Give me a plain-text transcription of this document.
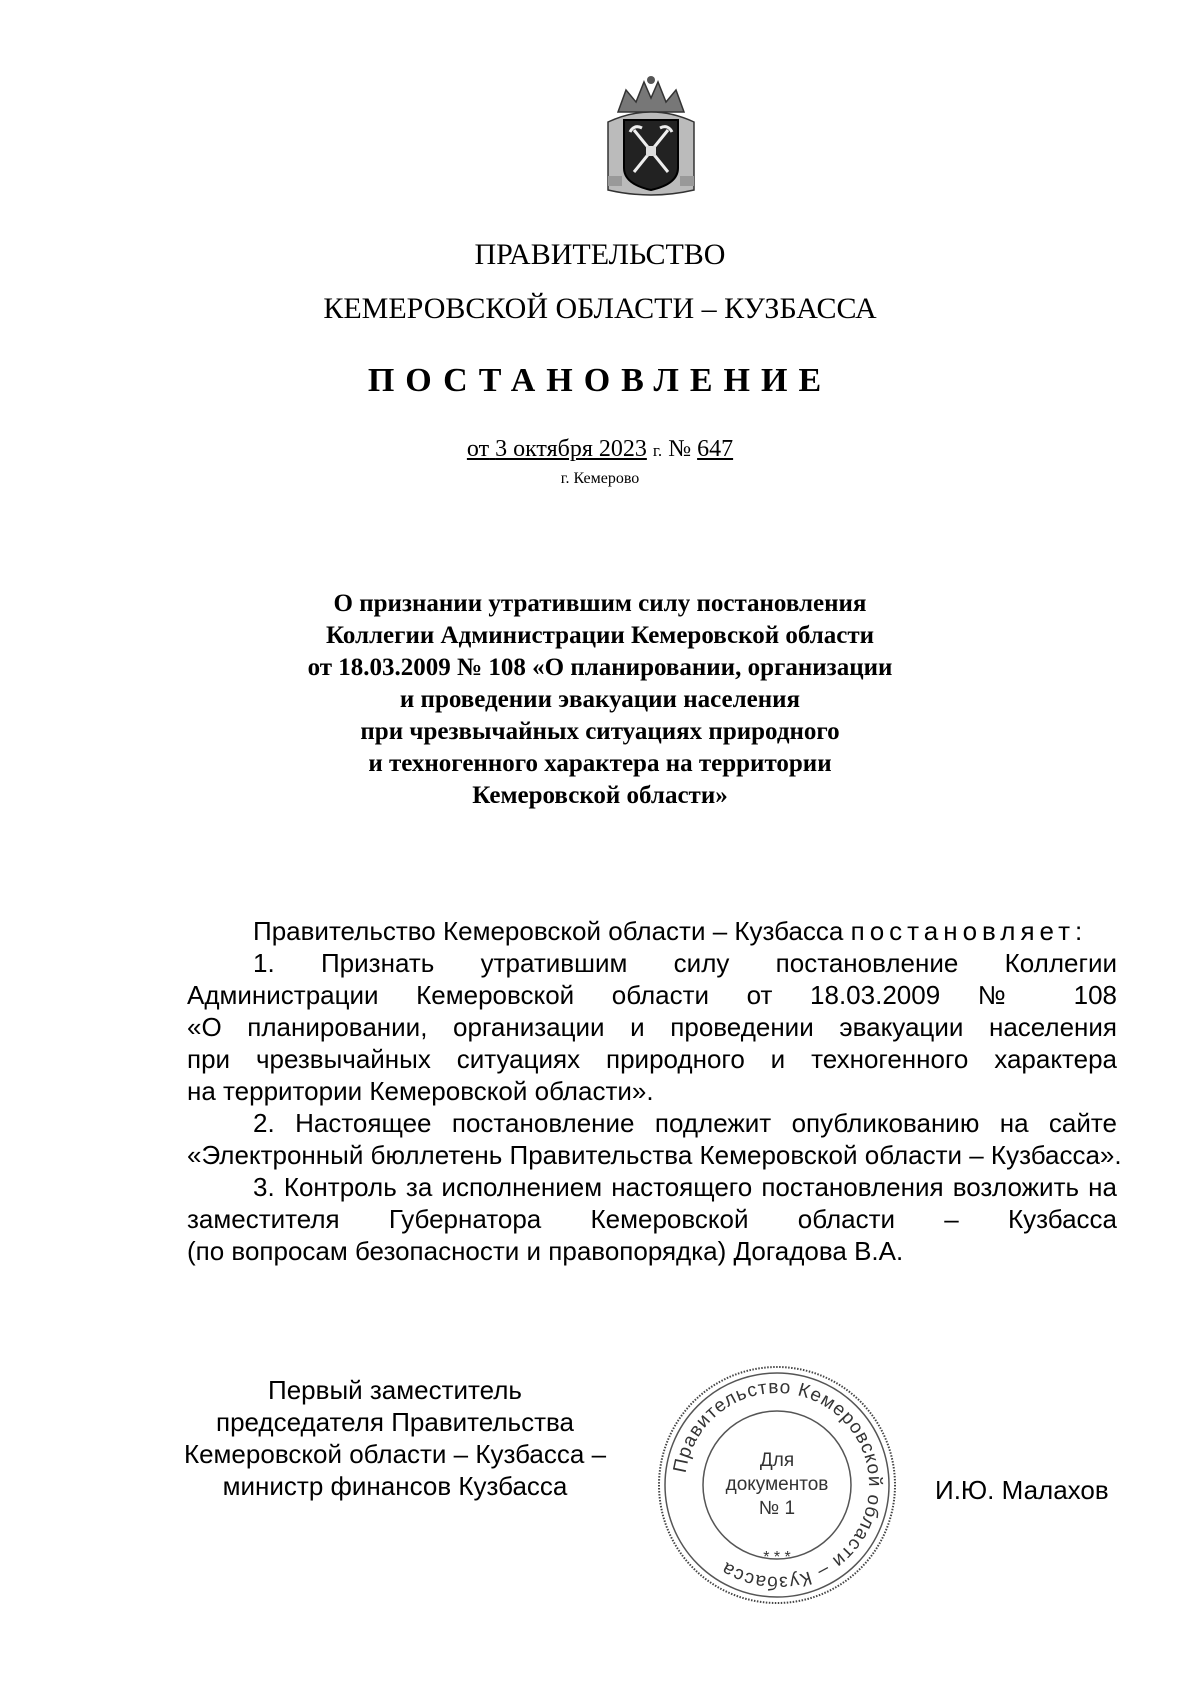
ПРАВИТЕЛЬСТВО
КЕМЕРОВСКОЙ ОБЛАСТИ – КУЗБАССА
ПОСТАНОВЛЕНИЕ
от 3 октября 2023 г. № 647
г. Кемерово
О признании утратившим силу постановления
Коллегии Администрации Кемеровской области
от 18.03.2009 № 108 «О планировании, организации
и проведении эвакуации населения
при чрезвычайных ситуациях природного
и техногенного характера на территории
Кемеровской области»
Правительство Кемеровской области – Кузбасса постановляет:
1. Признать утратившим силу постановление Коллегии
Администрации Кемеровской области от 18.03.2009 № 108
«О планировании, организации и проведении эвакуации населения
при чрезвычайных ситуациях природного и техногенного характера
на территории Кемеровской области».
2. Настоящее постановление подлежит опубликованию на сайте
«Электронный бюллетень Правительства Кемеровской области – Кузбасса».
3. Контроль за исполнением настоящего постановления возложить на
заместителя Губернатора Кемеровской области – Кузбасса
(по вопросам безопасности и правопорядка) Догадова В.А.
Первый заместитель
председателя Правительства
Кемеровской области – Кузбасса –
министр финансов Кузбасса	И.Ю. Малахов
Правительство Кемеровской области – Кузбасса	* * *
Для
документов
№ 1
